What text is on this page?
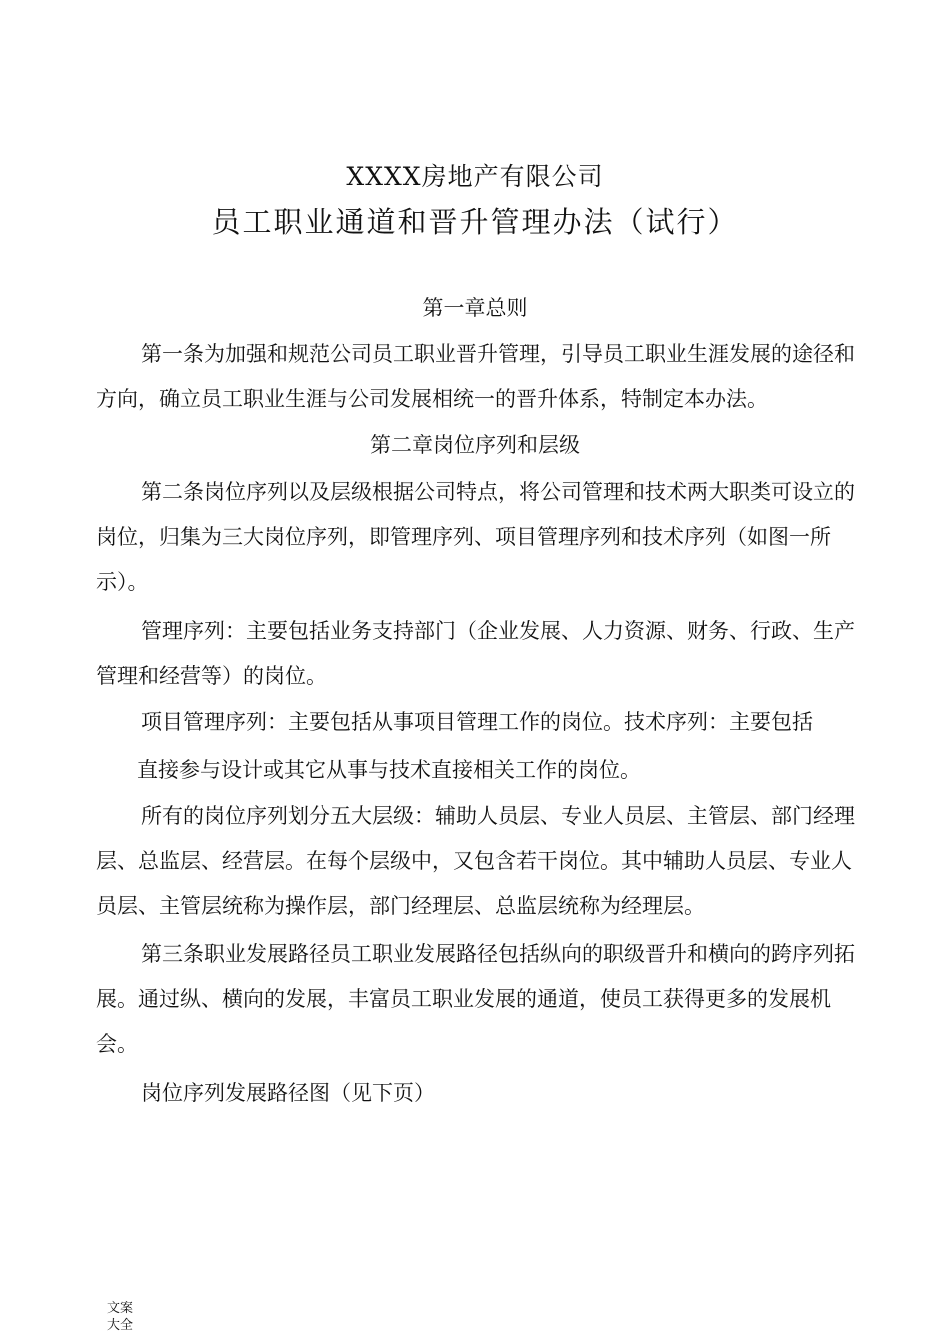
XXXX房地产有限公司
员工职业通道和晋升管理办法（试行）
第一章总则

第一条为加强和规范公司员工职业晋升管理，引导员工职业生涯发展的途径和方向，确立员工职业生涯与公司发展相统一的晋升体系，特制定本办法。

第二章岗位序列和层级

第二条岗位序列以及层级根据公司特点，将公司管理和技术两大职类可设立的岗位，归集为三大岗位序列，即管理序列、项目管理序列和技术序列（如图一所示）。

管理序列：主要包括业务支持部门（企业发展、人力资源、财务、行政、生产管理和经营等）的岗位。

项目管理序列：主要包括从事项目管理工作的岗位。技术序列：主要包括

直接参与设计或其它从事与技术直接相关工作的岗位。

所有的岗位序列划分五大层级：辅助人员层、专业人员层、主管层、部门经理层、总监层、经营层。在每个层级中，又包含若干岗位。其中辅助人员层、专业人员层、主管层统称为操作层，部门经理层、总监层统称为经理层。

第三条职业发展路径员工职业发展路径包括纵向的职级晋升和横向的跨序列拓展。通过纵、横向的发展，丰富员工职业发展的通道，使员工获得更多的发展机会。

岗位序列发展路径图（见下页）

文案大全
